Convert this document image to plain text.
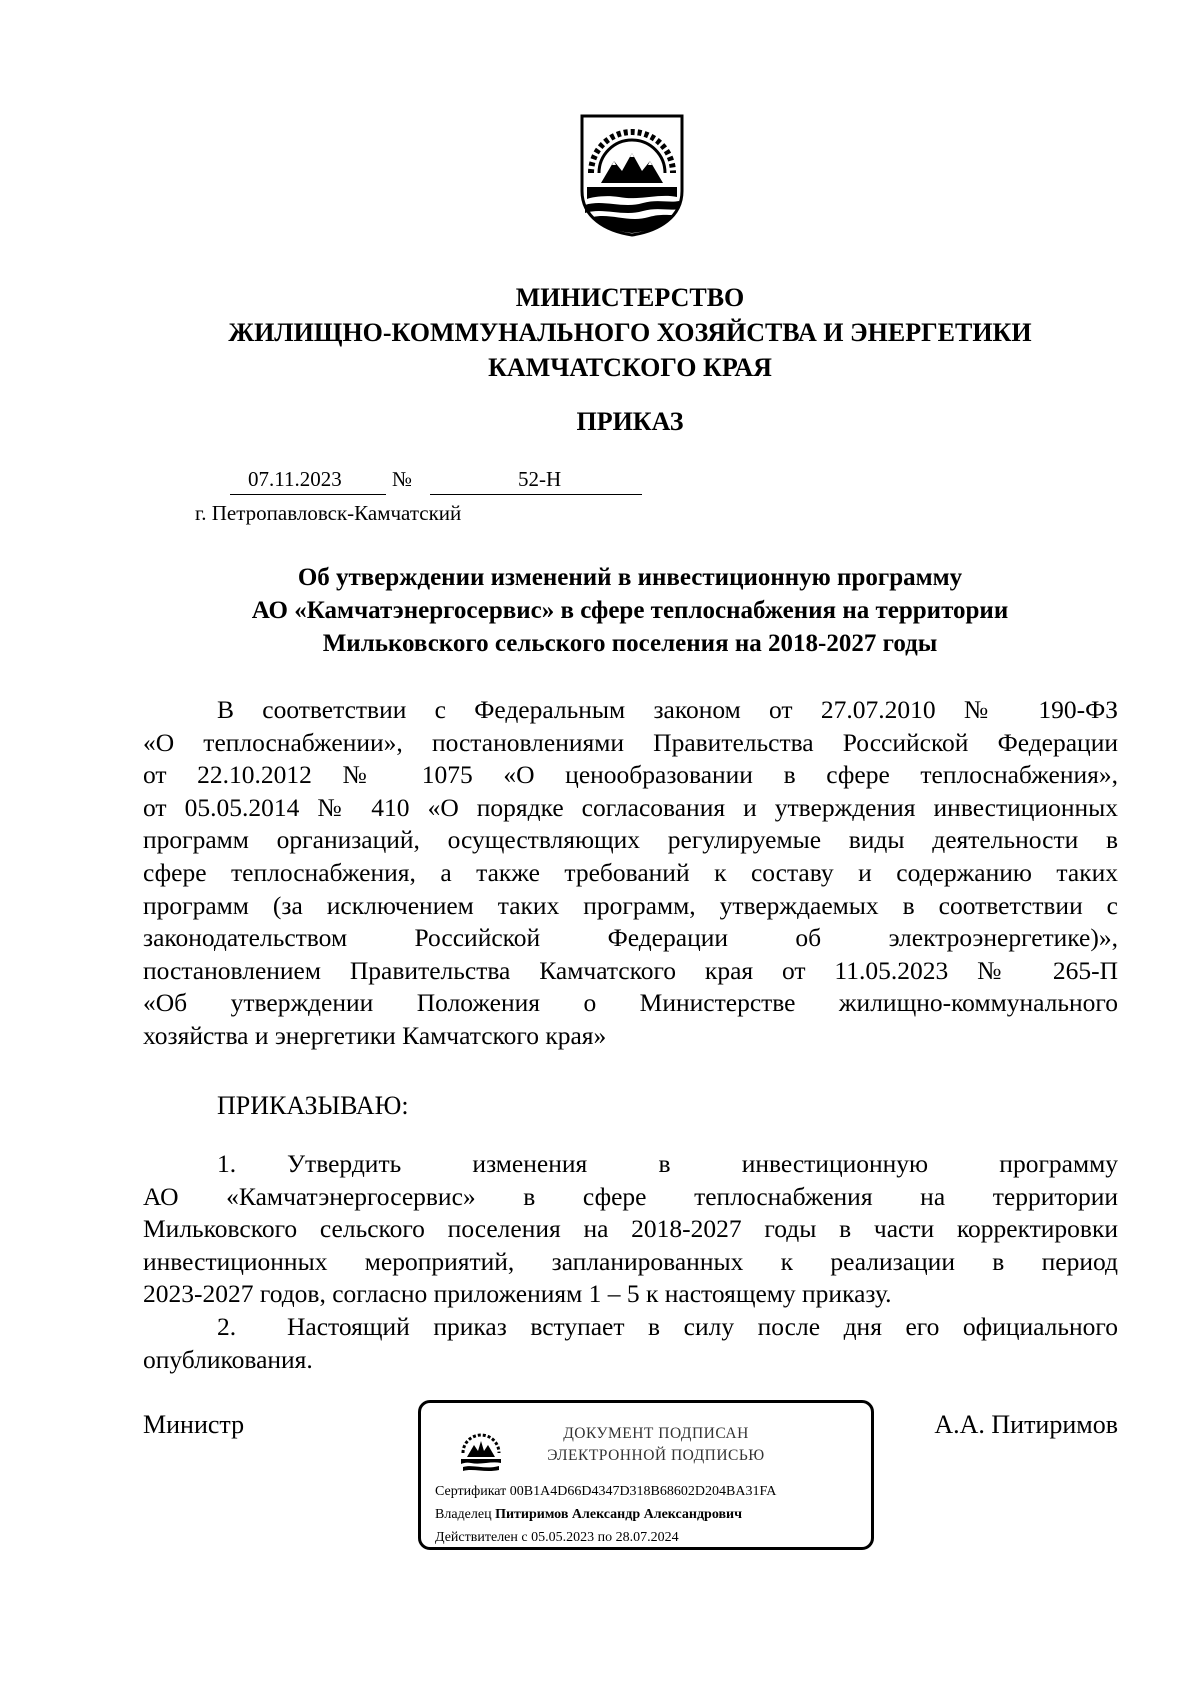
МИНИСТЕРСТВО
ЖИЛИЩНО-КОММУНАЛЬНОГО ХОЗЯЙСТВА И ЭНЕРГЕТИКИ
КАМЧАТСКОГО КРАЯ
ПРИКАЗ
07.11.2023 №	52-Н
г. Петропавловск-Камчатский
Об утверждении изменений в инвестиционную программу
АО «Камчатэнергосервис» в сфере теплоснабжения на территории
Мильковского сельского поселения на 2018-2027 годы
В соответствии с Федеральным законом от 27.07.2010 № 190-ФЗ
«О теплоснабжении», постановлениями Правительства Российской Федерации
от 22.10.2012 № 1075 «О ценообразовании в сфере теплоснабжения»,
от 05.05.2014 № 410 «О порядке согласования и утверждения инвестиционных
программ организаций, осуществляющих регулируемые виды деятельности в
сфере теплоснабжения, а также требований к составу и содержанию таких
программ (за исключением таких программ, утверждаемых в соответствии с
законодательством Российской Федерации об электроэнергетике)»,
постановлением Правительства Камчатского края от 11.05.2023 № 265-П
«Об утверждении Положения о Министерстве жилищно-коммунального
хозяйства и энергетики Камчатского края»
ПРИКАЗЫВАЮ:
1. Утвердить изменения в инвестиционную программу
АО «Камчатэнергосервис» в сфере теплоснабжения на территории
Мильковского сельского поселения на 2018-2027 годы в части корректировки
инвестиционных мероприятий, запланированных к реализации в период
2023-2027 годов, согласно приложениям 1 – 5 к настоящему приказу.
2. Настоящий приказ вступает в силу после дня его официального
опубликования.
Министр	А.А. Питиримов
ДОКУМЕНТ ПОДПИСАН
ЭЛЕКТРОННОЙ ПОДПИСЬЮ
Сертификат 00B1A4D66D4347D318B68602D204BA31FA
Владелец Питиримов Александр Александрович
Действителен с 05.05.2023 по 28.07.2024
